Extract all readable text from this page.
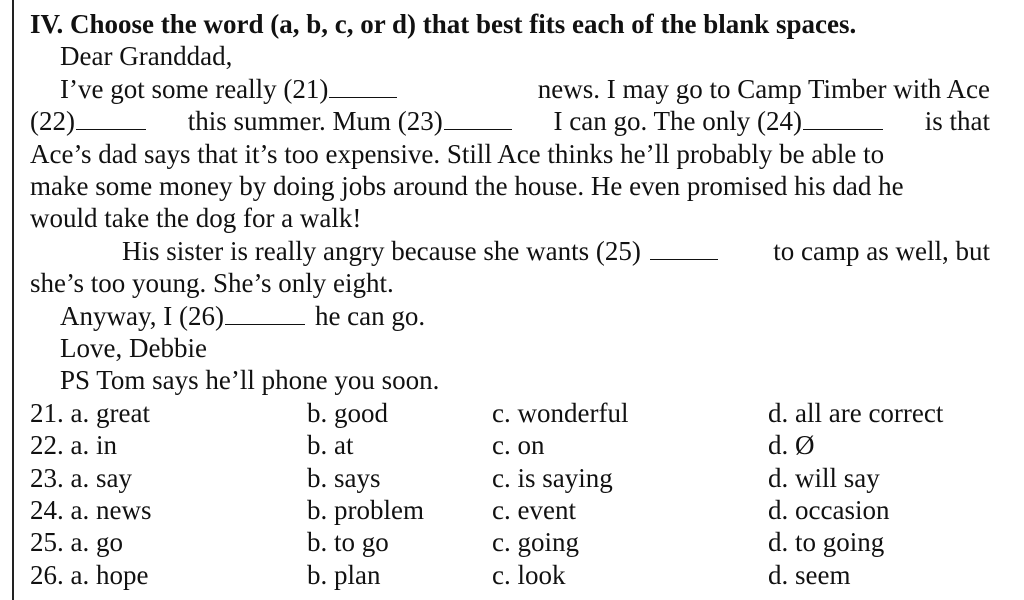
IV. Choose the word (a, b, c, or d) that best fits each of the blank spaces.
Dear Granddad,
I’ve got some really (21)	news. I may go to Camp Timber with Ace
(22)	this summer. Mum (23)	I can go. The only (24)	is that
Ace’s dad says that it’s too expensive. Still Ace thinks he’ll probably be able to
make some money by doing jobs around the house. He even promised his dad he
would take the dog for a walk!
His sister is really angry because she wants (25)	to camp as well, but
she’s too young. She’s only eight.
Anyway, I (26)	he can go.
Love, Debbie
PS Tom says he’ll phone you soon.
21. a. great	b. good	c. wonderful	d. all are correct
22. a. in	b. at	c. on	d. Ø
23. a. say	b. says	c. is saying	d. will say
24. a. news	b. problem	c. event	d. occasion
25. a. go	b. to go	c. going	d. to going
26. a. hope	b. plan	c. look	d. seem
